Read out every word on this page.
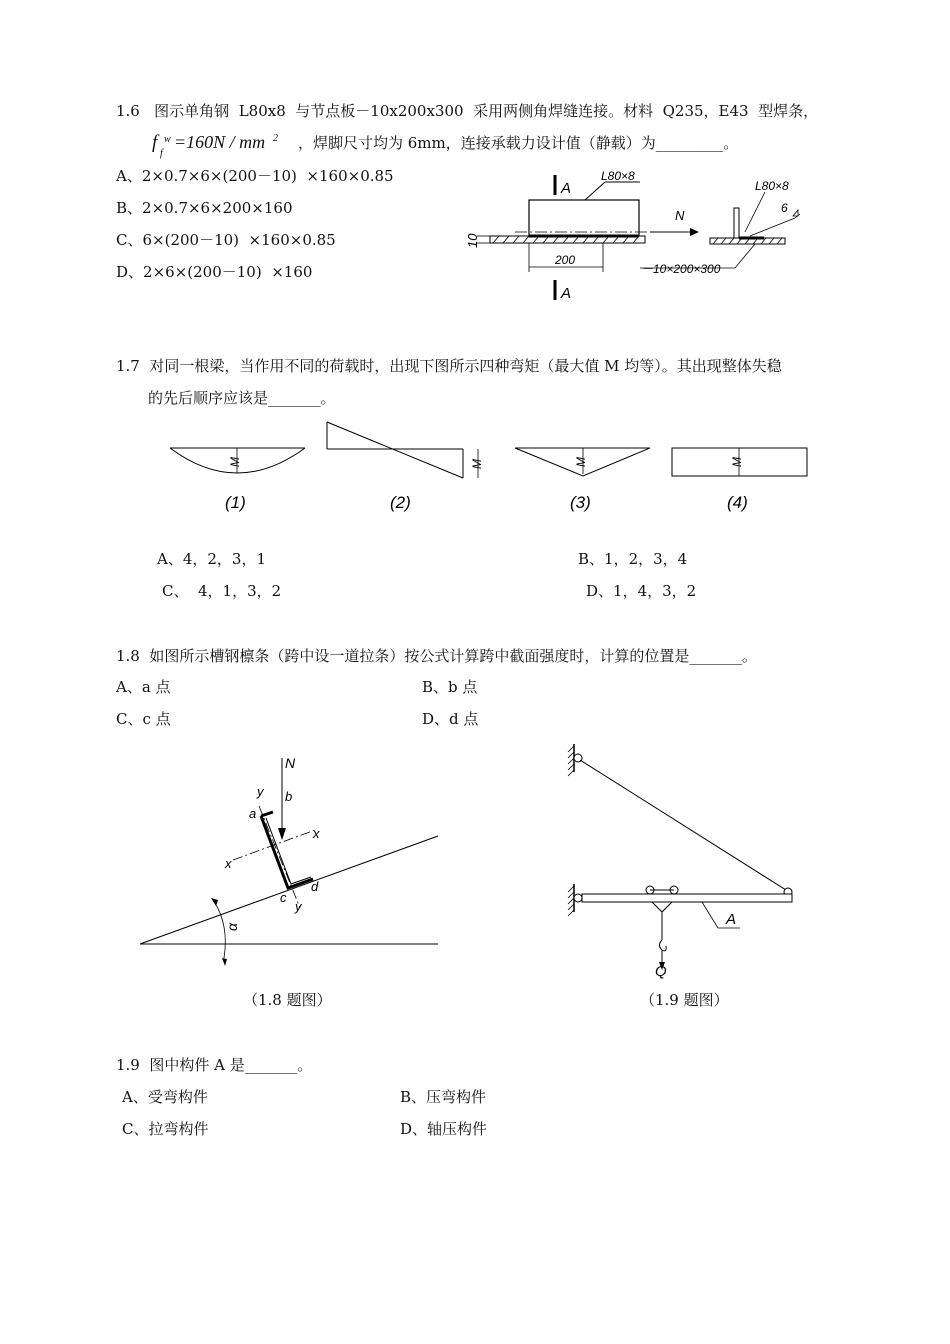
1.6   图示单角钢  L80x8  与节点板－10x200x300  采用两侧角焊缝连接。材料  Q235，E43  型焊条，
f w
f
=160N / mm 2 ，焊脚尺寸均为 6mm，连接承载力设计值（静载）为_________。
A、2×0.7×6×(200－10)  ×160×0.85
B、2×0.7×6×200×160
C、6×(200－10)  ×160×0.85
D、2×6×(200－10)  ×160
A
A
L80×8
10
200
N
L80×8
6
－10×200×300
1.7  对同一根梁，当作用不同的荷载时，出现下图所示四种弯矩（最大值 M 均等）。其出现整体失稳
的先后顺序应该是_______。
M
(1)
M
(2)
M
(3)
M
(4)
A、4，2，3，1	B、1，2，3，4
C、  4，1，3，2	D、1，4，3，2
1.8  如图所示槽钢檩条（跨中设一道拉条）按公式计算跨中截面强度时，计算的位置是_______。
A、a 点	B、b 点
C、c 点	D、d 点
α
N
y
y
x
x
a
b
c
d
（1.8 题图）
Q
A
（1.9 题图）
1.9  图中构件 A 是_______。
A、受弯构件	B、压弯构件
C、拉弯构件	D、轴压构件
